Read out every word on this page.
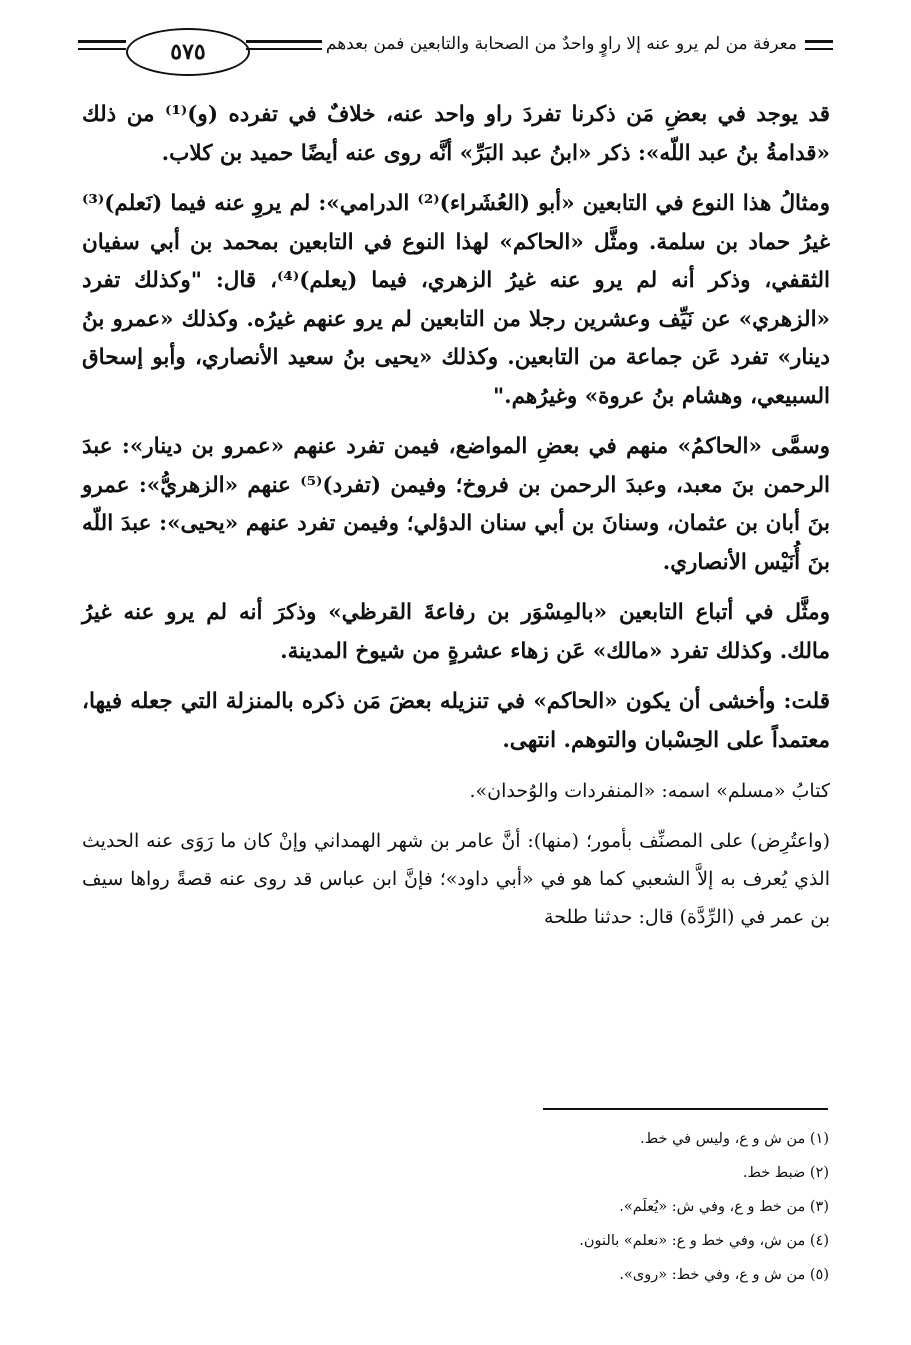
٥٧٥	معرفة من لم يرو عنه إلا راوٍ واحدٌ من الصحابة والتابعين فمن بعدهم

قد يوجد في بعضِ مَن ذكرنا تفردَ راو واحد عنه، خلافٌ في تفرده (و)⁽¹⁾ من ذلك «قدامةُ بنُ عبد اللّه»: ذكر «ابنُ عبد البَرِّ» أنَّه روى عنه أيضًا حميد بن كلاب.

ومثالُ هذا النوع في التابعين «أبو (العُشَراء)⁽²⁾ الدرامي»: لم يروِ عنه فيما (نَعلم)⁽³⁾ غيرُ حماد بن سلمة. ومثَّل «الحاكم» لهذا النوع في التابعين بمحمد بن أبي سفيان الثقفي، وذكر أنه لم يرو عنه غيرُ الزهري، فيما (يعلم)⁽⁴⁾، قال: "وكذلك تفرد «الزهري» عن نَيِّف وعشرين رجلا من التابعين لم يرو عنهم غيرُه. وكذلك «عمرو بنُ دينار» تفرد عَن جماعة من التابعين. وكذلك «يحيى بنُ سعيد الأنصاري، وأبو إسحاق السبيعي، وهشام بنُ عروة» وغيرُهم."

وسمَّى «الحاكمُ» منهم في بعضِ المواضع، فيمن تفرد عنهم «عمرو بن دينار»: عبدَ الرحمن بنَ معبد، وعبدَ الرحمن بن فروخ؛ وفيمن (تفرد)⁽⁵⁾ عنهم «الزهريُّ»: عمرو بنَ أبان بن عثمان، وسنانَ بن أبي سنان الدؤلي؛ وفيمن تفرد عنهم «يحيى»: عبدَ اللّه بنَ أُنَيْس الأنصاري.

ومثَّل في أتباع التابعين «بالمِسْوَر بن رفاعةَ القرظي» وذكرَ أنه لم يرو عنه غيرُ مالك. وكذلك تفرد «مالك» عَن زهاء عشرةٍ من شيوخ المدينة.

قلت: وأخشى أن يكون «الحاكم» في تنزيله بعضَ مَن ذكره بالمنزلة التي جعله فيها، معتمداً على الحِسْبان والتوهم. انتهى.

كتابُ «مسلم» اسمه: «المنفردات والوُحدان».

(واعتُرِض) على المصنِّف بأمور؛ (منها): أنَّ عامر بن شهر الهمداني وإنْ كان ما رَوَى عنه الحديث الذي يُعرف به إلاَّ الشعبي كما هو في «أبي داود»؛ فإنَّ ابن عباس قد روى عنه قصةً رواها سيف بن عمر في (الرِّدَّة) قال: حدثنا طلحة

(١) من ش و ع، وليس في خط.

(٢) ضبط خط.

(٣) من خط و ع، وفي ش: «يُعلَم».

(٤) من ش، وفي خط و ع: «نعلم» بالنون.

(٥) من ش و ع، وفي خط: «روى».
